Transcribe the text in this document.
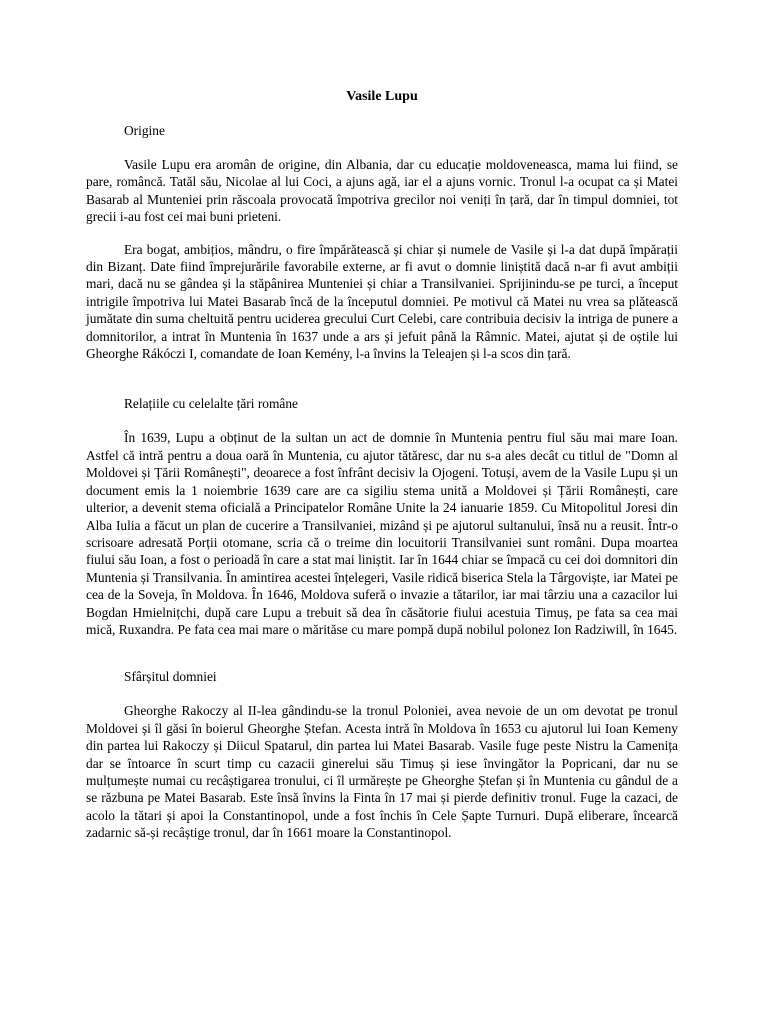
Vasile Lupu

Origine

Vasile Lupu era aromân de origine, din Albania, dar cu educație moldoveneasca, mama lui fiind, se pare, româncă. Tatăl său, Nicolae al lui Coci, a ajuns agă, iar el a ajuns vornic. Tronul l-a ocupat ca și Matei Basarab al Munteniei prin răscoala provocată împotriva grecilor noi veniți în țară, dar în timpul domniei, tot grecii i-au fost cei mai buni prieteni.

Era bogat, ambițios, mândru, o fire împărătească și chiar și numele de Vasile și l-a dat după împărații din Bizanț. Date fiind împrejurările favorabile externe, ar fi avut o domnie liniștită dacă n-ar fi avut ambiții mari, dacă nu se gândea și la stăpânirea Munteniei și chiar a Transilvaniei. Sprijinindu-se pe turci, a început intrigile împotriva lui Matei Basarab încă de la începutul domniei. Pe motivul că Matei nu vrea sa plătească jumătate din suma cheltuită pentru uciderea grecului Curt Celebi, care contribuia decisiv la intriga de punere a domnitorilor, a intrat în Muntenia în 1637 unde a ars și jefuit până la Râmnic. Matei, ajutat și de oștile lui Gheorghe Rákóczi I, comandate de Ioan Kemény, l-a învins la Teleajen și l-a scos din țară.

Relațiile cu celelalte țări române

În 1639, Lupu a obținut de la sultan un act de domnie în Muntenia pentru fiul său mai mare Ioan. Astfel că intră pentru a doua oară în Muntenia, cu ajutor tătăresc, dar nu s-a ales decât cu titlul de "Domn al Moldovei și Țării Românești", deoarece a fost înfrânt decisiv la Ojogeni. Totuși, avem de la Vasile Lupu și un document emis la 1 noiembrie 1639 care are ca sigiliu stema unită a Moldovei și Țării Românești, care ulterior, a devenit stema oficială a Principatelor Române Unite la 24 ianuarie 1859. Cu Mitopolitul Joresi din Alba Iulia a făcut un plan de cucerire a Transilvaniei, mizând și pe ajutorul sultanului, însă nu a reusit. Într-o scrisoare adresată Porții otomane, scria că o treime din locuitorii Transilvaniei sunt români. Dupa moartea fiului său Ioan, a fost o perioadă în care a stat mai liniștit. Iar în 1644 chiar se împacă cu cei doi domnitori din Muntenia și Transilvania. În amintirea acestei înțelegeri, Vasile ridică biserica Stela la Târgoviște, iar Matei pe cea de la Soveja, în Moldova. În 1646, Moldova suferă o invazie a tătarilor, iar mai târziu una a cazacilor lui Bogdan Hmielnițchi, după care Lupu a trebuit să dea în căsătorie fiului acestuia Timuș, pe fata sa cea mai mică, Ruxandra. Pe fata cea mai mare o mărităse cu mare pompă după nobilul polonez Ion Radziwill, în 1645.

Sfârșitul domniei

Gheorghe Rakoczy al II-lea gândindu-se la tronul Poloniei, avea nevoie de un om devotat pe tronul Moldovei și îl găsi în boierul Gheorghe Ștefan. Acesta intră în Moldova în 1653 cu ajutorul lui Ioan Kemeny din partea lui Rakoczy și Diicul Spatarul, din partea lui Matei Basarab. Vasile fuge peste Nistru la Camenița dar se întoarce în scurt timp cu cazacii ginerelui său Timuș și iese învingător la Popricani, dar nu se mulțumește numai cu recâștigarea tronului, ci îl urmărește pe Gheorghe Ștefan și în Muntenia cu gândul de a se răzbuna pe Matei Basarab. Este însă învins la Finta în 17 mai și pierde definitiv tronul. Fuge la cazaci, de acolo la tătari și apoi la Constantinopol, unde a fost închis în Cele Șapte Turnuri. După eliberare, încearcă zadarnic să-și recâștige tronul, dar în 1661 moare la Constantinopol.
